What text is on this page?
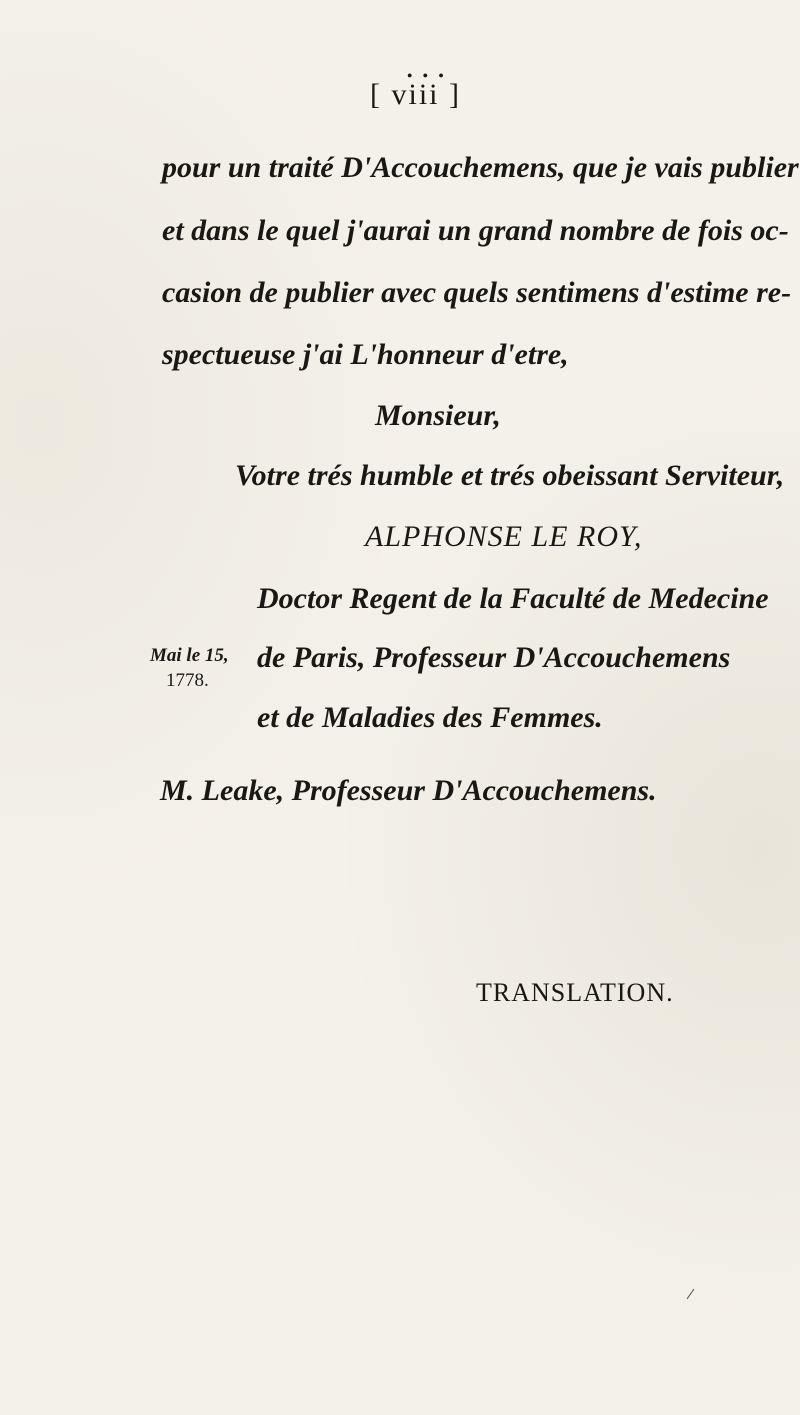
● ● ●
[ viii ]
pour un traité D'Accouchemens, que je vais publier
et dans le quel j'aurai un grand nombre de fois oc-
casion de publier avec quels sentimens d'estime re-
spectueuse j'ai L'honneur d'etre,
Monsieur,
Votre trés humble et trés obeissant Serviteur,
ALPHONSE LE ROY,
Doctor Regent de la Faculté de Medecine
de Paris, Professeur D'Accouchemens
et de Maladies des Femmes.
Mai le 15,
1778.
M. Leake, Professeur D'Accouchemens.
TRANSLATION.
